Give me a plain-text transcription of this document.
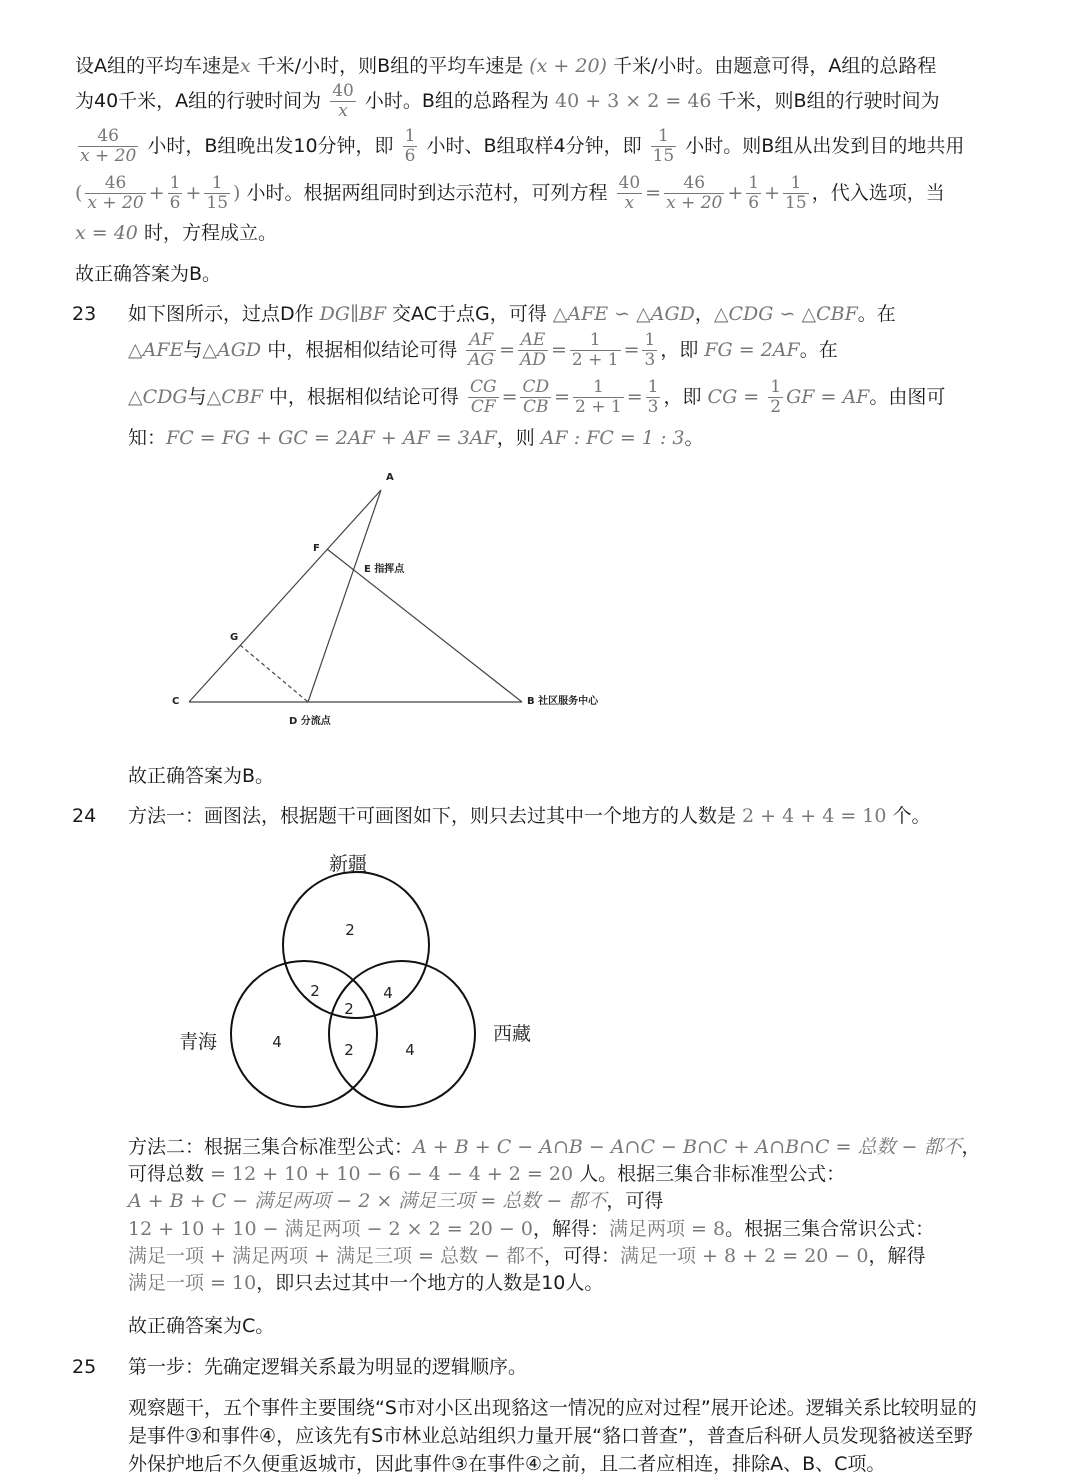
设A组的平均车速是x 千米/小时，则B组的平均车速是 (x + 20) 千米/小时。由题意可得，A组的总路程
为40千米，A组的行驶时间为 $\frac{40}{x}$ 小时。B组的总路程为 40 + 3 × 2 = 46 千米，则B组的行驶时间为
$\frac{46}{x + 20}$ 小时，B组晚出发10分钟，即 $\frac{1}{6}$ 小时、B组取样4分钟，即 $\frac{1}{15}$ 小时。则B组从出发到目的地共用
( $\frac{46}{x + 20} + \frac{1}{6} + \frac{1}{15}$ ) 小时。根据两组同时到达示范村，可列方程 $\frac{40}{x} = \frac{46}{x + 20} + \frac{1}{6} + \frac{1}{15}$ ，代入选项，当
x = 40 时，方程成立。
故正确答案为B。
23 如下图所示，过点D作 DG∥BF 交AC于点G，可得 △AFE ∽ △AGD，△CDG ∽ △CBF。在
△AFE与△AGD 中，根据相似结论可得 $\frac{AF}{AG} = \frac{AE}{AD} = \frac{1}{2 + 1} = \frac{1}{3}$ ，即 FG = 2AF。在
△CDG与△CBF 中，根据相似结论可得 $\frac{CG}{CF} = \frac{CD}{CB} = \frac{1}{2 + 1} = \frac{1}{3}$ ，即 CG = $\frac{1}{2}$ GF = AF。由图可
知：FC = FG + GC = 2AF + AF = 3AF，则 AF : FC = 1 : 3。
A
F
E 指挥点
G
C
D 分流点
B 社区服务中心
故正确答案为B。
24 方法一：画图法，根据题干可画图如下，则只去过其中一个地方的人数是 2 + 4 + 4 = 10 个。
2
2	4
2
4	2	4
新疆
青海	西藏
方法二：根据三集合标准型公式：A + B + C − A∩B − A∩C − B∩C + A∩B∩C = 总数 − 都不，
可得总数 = 12 + 10 + 10 − 6 − 4 − 4 + 2 = 20 人。根据三集合非标准型公式：
A + B + C − 满足两项 − 2 × 满足三项 = 总数 − 都不，可得
12 + 10 + 10 − 满足两项 − 2 × 2 = 20 − 0，解得：满足两项 = 8。根据三集合常识公式：
满足一项 + 满足两项 + 满足三项 = 总数 − 都不，可得：满足一项 + 8 + 2 = 20 − 0，解得
满足一项 = 10，即只去过其中一个地方的人数是10人。
故正确答案为C。
25 第一步：先确定逻辑关系最为明显的逻辑顺序。
观察题干，五个事件主要围绕“S市对小区出现貉这一情况的应对过程”展开论述。逻辑关系比较明显的
是事件③和事件④，应该先有S市林业总站组织力量开展“貉口普查”，普查后科研人员发现貉被送至野
外保护地后不久便重返城市，因此事件③在事件④之前，且二者应相连，排除A、B、C项。
